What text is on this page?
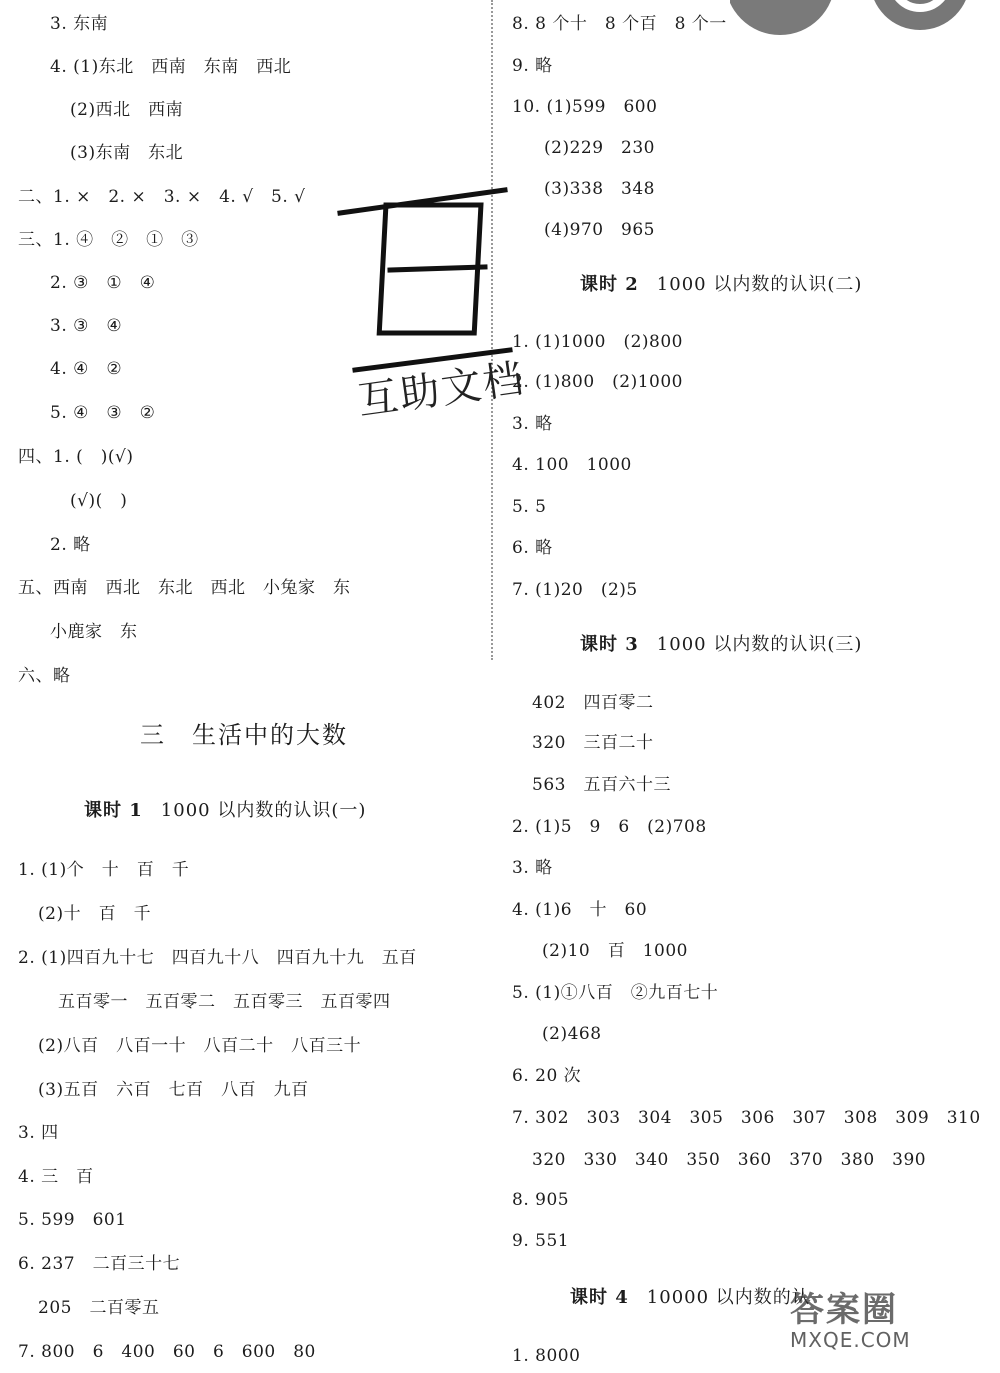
3. 东南
4. (1)东北　西南　东南　西北
(2)西北　西南
(3)东南　东北
二、1. ×　2. ×　3. ×　4. √　5. √
三、1. ④　②　①　③
2. ③　①　④
3. ③　④
4. ④　②
5. ④　③　②
四、1. (　)(√)
(√)(　)
2. 略
五、西南　西北　东北　西北　小兔家　东
小鹿家　东
六、略
三　生活中的大数
课时 1 1000 以内数的认识(一)
1. (1)个　十　百　千
(2)十　百　千
2. (1)四百九十七　四百九十八　四百九十九　五百
五百零一　五百零二　五百零三　五百零四
(2)八百　八百一十　八百二十　八百三十
(3)五百　六百　七百　八百　九百
3. 四
4. 三　百
5. 599　601
6. 237　二百三十七
205　二百零五
7. 800　6　400　60　6　600　80
8. 8 个十　8 个百　8 个一
9. 略
10. (1)599　600
(2)229　230
(3)338　348
(4)970　965
课时 2 1000 以内数的认识(二)
1. (1)1000　(2)800
2. (1)800　(2)1000
3. 略
4. 100　1000
5. 5
6. 略
7. (1)20　(2)5
课时 3 1000 以内数的认识(三)
402　四百零二
320　三百二十
563　五百六十三
2. (1)5　9　6　(2)708
3. 略
4. (1)6　十　60
(2)10　百　1000
5. (1)①八百　②九百七十
(2)468
6. 20 次
7. 302　303　304　305　306　307　308　309　310
320　330　340　350　360　370　380　390
8. 905
9. 551
课时 4 10000 以内数的认
1. 8000
互助文档
答案圈
MXQE.COM
